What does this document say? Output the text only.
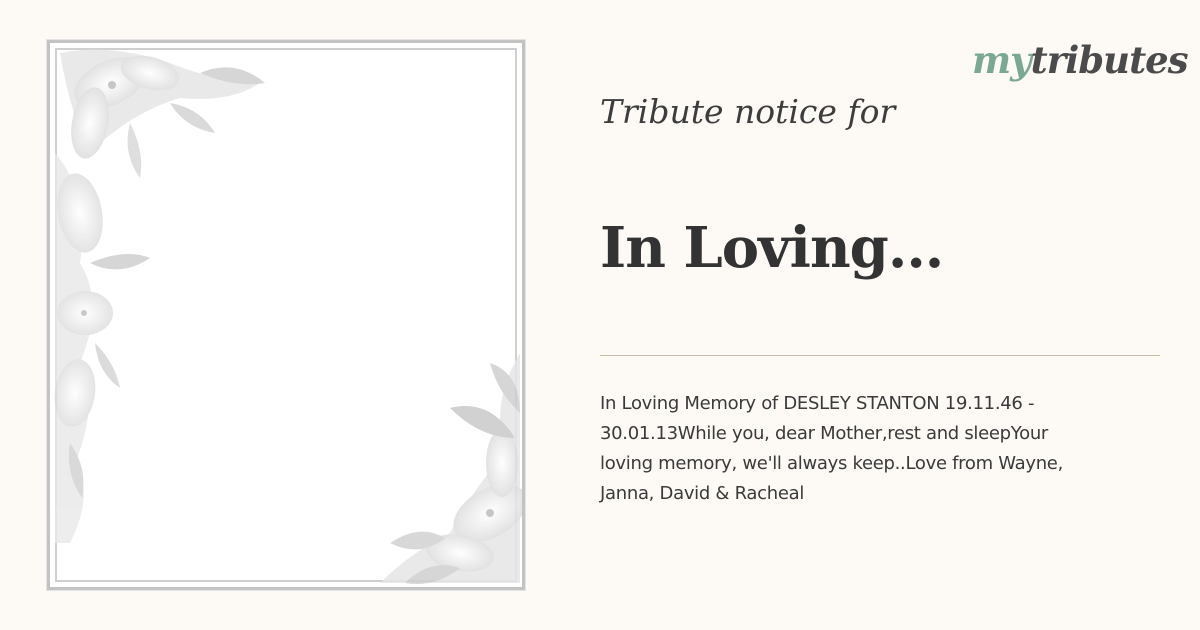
mytributes
Tribute notice for
In Loving...
In Loving Memory of DESLEY STANTON 19.11.46 - 30.01.13While you, dear Mother,rest and sleepYour loving memory, we'll always keep..Love from Wayne, Janna, David & Racheal
